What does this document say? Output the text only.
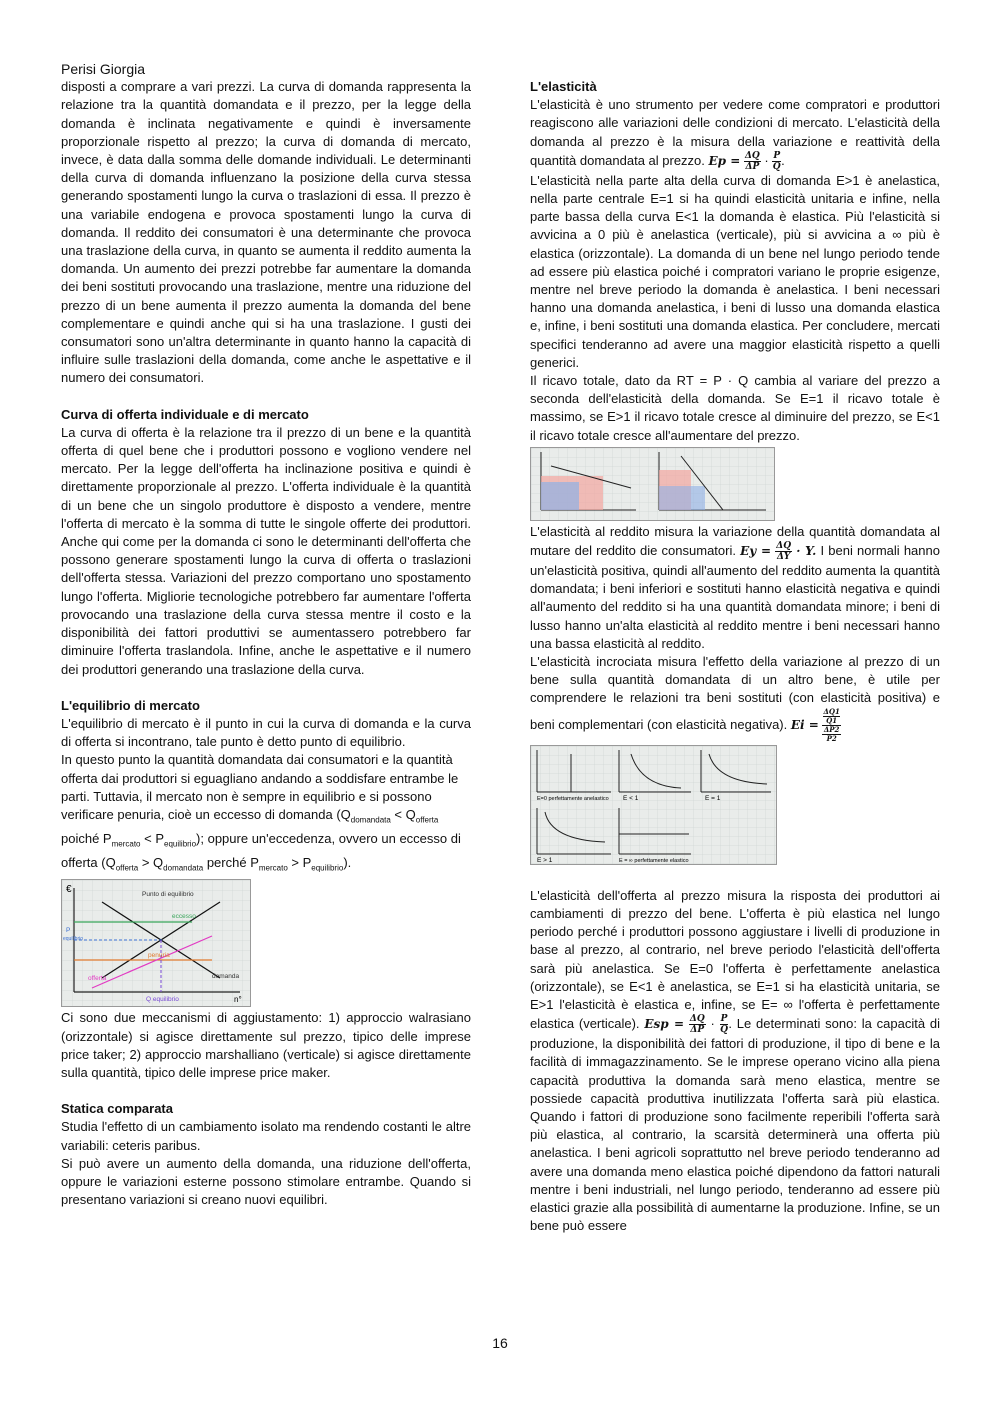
Perisi Giorgia

disposti a comprare a vari prezzi. La curva di domanda rappresenta la relazione tra la quantità domandata e il prezzo, per la legge della domanda è inclinata negativamente e quindi è inversamente proporzionale rispetto al prezzo; la curva di domanda di mercato, invece, è data dalla somma delle domande individuali. Le determinanti della curva di domanda influenzano la posizione della curva stessa generando spostamenti lungo la curva o traslazioni di essa. Il prezzo è una variabile endogena e provoca spostamenti lungo la curva di domanda. Il reddito dei consumatori è una determinante che provoca una traslazione della curva, in quanto se aumenta il reddito aumenta la domanda. Un aumento dei prezzi potrebbe far aumentare la domanda dei beni sostituti provocando una traslazione, mentre una riduzione del prezzo di un bene aumenta il prezzo aumenta la domanda del bene complementare e quindi anche qui si ha una traslazione. I gusti dei consumatori sono un'altra determinante in quanto hanno la capacità di influire sulle traslazioni della domanda, come anche le aspettative e il numero dei consumatori.

Curva di offerta individuale e di mercato

La curva di offerta è la relazione tra il prezzo di un bene e la quantità offerta di quel bene che i produttori possono e vogliono vendere nel mercato. Per la legge dell'offerta ha inclinazione positiva e quindi è direttamente proporzionale al prezzo. L'offerta individuale è la quantità di un bene che un singolo produttore è disposto a vendere, mentre l'offerta di mercato è la somma di tutte le singole offerte dei produttori. Anche qui come per la domanda ci sono le determinanti dell'offerta che possono generare spostamenti lungo la curva di offerta o traslazioni dell'offerta stessa. Variazioni del prezzo comportano uno spostamento lungo l'offerta. Migliorie tecnologiche potrebbero far aumentare l'offerta provocando una traslazione della curva stessa mentre il costo e la disponibilità dei fattori produttivi se aumentassero potrebbero far diminuire l'offerta traslandola. Infine, anche le aspettative e il numero dei produttori generando una traslazione della curva.

L'equilibrio di mercato

L'equilibrio di mercato è il punto in cui la curva di domanda e la curva di offerta si incontrano, tale punto è detto punto di equilibrio.

In questo punto la quantità domandata dai consumatori e la quantità offerta dai produttori si eguagliano andando a soddisfare entrambe le parti. Tuttavia, il mercato non è sempre in equilibrio e si possono verificare penuria, cioè un eccesso di domanda ($Q_{domandata} < Q_{offerta}$ poiché $P_{mercato} < P_{equilibrio}$); oppure un'eccedenza, ovvero un eccesso di offerta ($Q_{offerta} > Q_{domandata}$ perché $P_{mercato} > P_{equilibrio}$).

€
n°
Punto di equilibrio
eccesso
P
equilibrio
penuria
domanda
offerta
Q equilibrio

Ci sono due meccanismi di aggiustamento: 1) approccio walrasiano (orizzontale) si agisce direttamente sul prezzo, tipico delle imprese price taker; 2) approccio marshalliano (verticale) si agisce direttamente sulla quantità, tipico delle imprese price maker.

Statica comparata

Studia l'effetto di un cambiamento isolato ma rendendo costanti le altre variabili: ceteris paribus.

Si può avere un aumento della domanda, una riduzione dell'offerta, oppure le variazioni esterne possono stimolare entrambe. Quando si presentano variazioni si creano nuovi equilibri.

L'elasticità

L'elasticità è uno strumento per vedere come compratori e produttori reagiscono alle variazioni delle condizioni di mercato. L'elasticità della domanda al prezzo è la misura della variazione e reattività della quantità domandata al prezzo. $Ep = \frac{\Delta Q}{\Delta P} \cdot \frac{P}{Q}$ .

L'elasticità nella parte alta della curva di domanda E>1 è anelastica, nella parte centrale E=1 si ha quindi elasticità unitaria e infine, nella parte bassa della curva E<1 la domanda è elastica. Più l'elasticità si avvicina a 0 più è anelastica (verticale), più si avvicina a ∞ più è elastica (orizzontale). La domanda di un bene nel lungo periodo tende ad essere più elastica poiché i compratori variano le proprie esigenze, mentre nel breve periodo la domanda è anelastica. I beni necessari hanno una domanda anelastica, i beni di lusso una domanda elastica e, infine, i beni sostituti una domanda elastica. Per concludere, mercati specifici tenderanno ad avere una maggior elasticità rispetto a quelli generici.

Il ricavo totale, dato da RT = P · Q cambia al variare del prezzo a seconda dell'elasticità della domanda. Se E=1 il ricavo totale è massimo, se E>1 il ricavo totale cresce al diminuire del prezzo, se E<1 il ricavo totale cresce all'aumentare del prezzo.

L'elasticità al reddito misura la variazione della quantità domandata al mutare del reddito die consumatori. $Ey = \frac{\Delta Q}{\Delta Y} \cdot Y$. I beni normali hanno un'elasticità positiva, quindi all'aumento del reddito aumenta la quantità domandata; i beni inferiori e sostituti hanno elasticità negativa e quindi all'aumento del reddito si ha una quantità domandata minore; i beni di lusso hanno un'alta elasticità al reddito mentre i beni necessari hanno una bassa elasticità al reddito.

L'elasticità incrociata misura l'effetto della variazione al prezzo di un bene sulla quantità domandata di un altro bene, è utile per comprendere le relazioni tra beni sostituti (con elasticità positiva) e beni complementari (con elasticità negativa). Ei = ΔQ1
Q1
ΔP2
P2

E=0 perfettamente anelastico E < 1	E = 1
E > 1	E = ∞ perfettamente elastico

L'elasticità dell'offerta al prezzo misura la risposta dei produttori ai cambiamenti di prezzo del bene. L'offerta è più elastica nel lungo periodo perché i produttori possono aggiustare i livelli di produzione in base al prezzo, al contrario, nel breve periodo l'elasticità dell'offerta sarà più anelastica. Se E=0 l'offerta è perfettamente anelastica (orizzontale), se E<1 è anelastica, se E=1 si ha elasticità unitaria, se E>1 l'elasticità è elastica e, infine, se E= ∞ l'offerta è perfettamente elastica (verticale). Esp = $\frac{\Delta Q}{\Delta P} \cdot \frac{P}{Q}$ . Le determinati sono: la capacità di produzione, la disponibilità dei fattori di produzione, il tipo di bene e la facilità di immagazzinamento. Se le imprese operano vicino alla piena capacità produttiva la domanda sarà meno elastica, mentre se possiede capacità produttiva inutilizzata l'offerta sarà più elastica. Quando i fattori di produzione sono facilmente reperibili l'offerta sarà più elastica, al contrario, la scarsità determinerà una offerta più anelastica. I beni agricoli soprattutto nel breve periodo tenderanno ad avere una domanda meno elastica poiché dipendono da fattori naturali mentre i beni industriali, nel lungo periodo, tenderanno ad essere più elastici grazie alla possibilità di aumentarne la produzione. Infine, se un bene può essere

16
